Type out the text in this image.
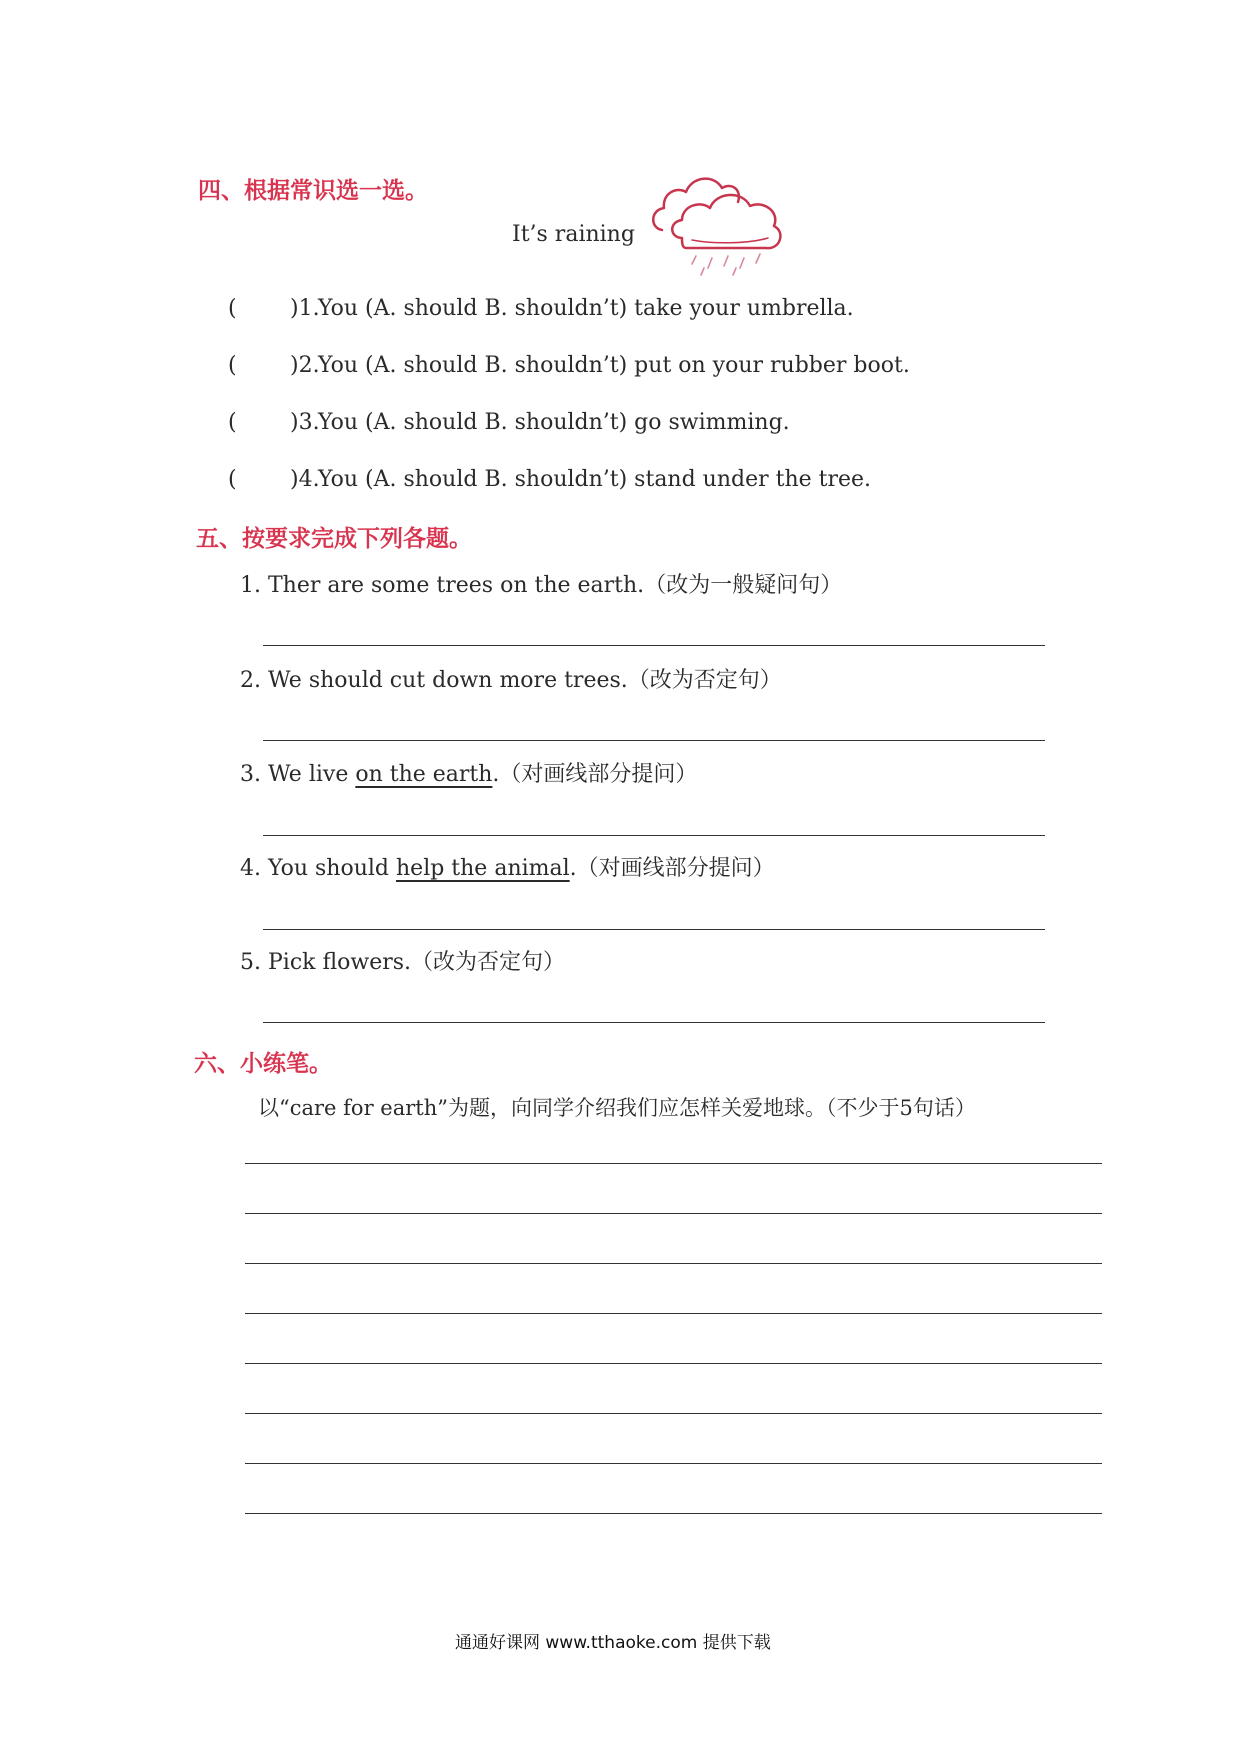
四、根据常识选一选。
It’s raining
( )1.
You (A. should B. shouldn’t) take your umbrella.
( )2.
You (A. should B. shouldn’t) put on your rubber boot.
( )3.
You (A. should B. shouldn’t) go swimming.
( )4.
You (A. should B. shouldn’t) stand under the tree.
五、按要求完成下列各题。
1. Ther are some trees on the earth.（改为一般疑问句）
2. We should cut down more trees.（改为否定句）
3. We live on the earth.（对画线部分提问）
4. You should help the animal.（对画线部分提问）
5. Pick flowers.（改为否定句）
六、小练笔。
以“care for earth”为题，向同学介绍我们应怎样关爱地球。（不少于5句话）
通通好课网 www.tthaoke.com 提供下载
